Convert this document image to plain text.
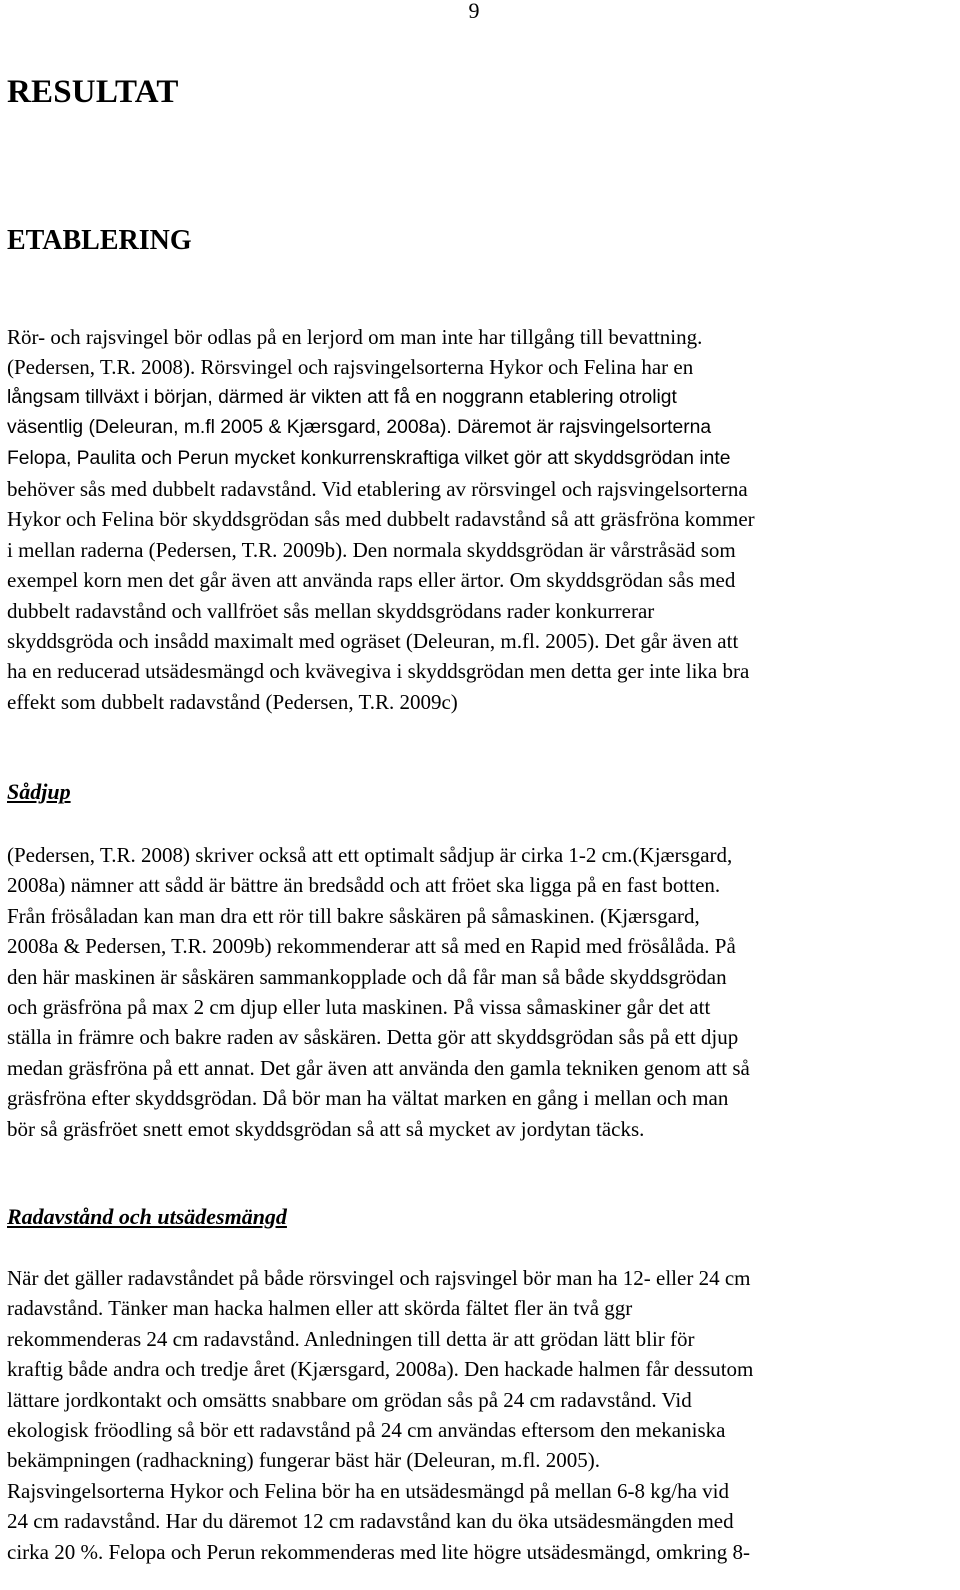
9
RESULTAT
ETABLERING
Rör- och rajsvingel bör odlas på en lerjord om man inte har tillgång till bevattning.
(Pedersen, T.R. 2008). Rörsvingel och rajsvingelsorterna Hykor och Felina har en
långsam tillväxt i början, därmed är vikten att få en noggrann etablering otroligt
väsentlig (Deleuran, m.fl 2005 & Kjærsgard, 2008a). Däremot är rajsvingelsorterna
Felopa, Paulita och Perun mycket konkurrenskraftiga vilket gör att skyddsgrödan inte
behöver sås med dubbelt radavstånd. Vid etablering av rörsvingel och rajsvingelsorterna
Hykor och Felina bör skyddsgrödan sås med dubbelt radavstånd så att gräsfröna kommer
i mellan raderna (Pedersen, T.R. 2009b). Den normala skyddsgrödan är vårstråsäd som
exempel korn men det går även att använda raps eller ärtor. Om skyddsgrödan sås med
dubbelt radavstånd och vallfröet sås mellan skyddsgrödans rader konkurrerar
skyddsgröda och insådd maximalt med ogräset (Deleuran, m.fl. 2005). Det går även att
ha en reducerad utsädesmängd och kvävegiva i skyddsgrödan men detta ger inte lika bra
effekt som dubbelt radavstånd (Pedersen, T.R. 2009c)
Sådjup
(Pedersen, T.R. 2008) skriver också att ett optimalt sådjup är cirka 1-2 cm.(Kjærsgard,
2008a) nämner att sådd är bättre än bredsådd och att fröet ska ligga på en fast botten.
Från frösåladan kan man dra ett rör till bakre såskären på såmaskinen. (Kjærsgard,
2008a & Pedersen, T.R. 2009b) rekommenderar att så med en Rapid med frösålåda. På
den här maskinen är såskären sammankopplade och då får man så både skyddsgrödan
och gräsfröna på max 2 cm djup eller luta maskinen. På vissa såmaskiner går det att
ställa in främre och bakre raden av såskären. Detta gör att skyddsgrödan sås på ett djup
medan gräsfröna på ett annat. Det går även att använda den gamla tekniken genom att så
gräsfröna efter skyddsgrödan. Då bör man ha vältat marken en gång i mellan och man
bör så gräsfröet snett emot skyddsgrödan så att så mycket av jordytan täcks.
Radavstånd och utsädesmängd
När det gäller radavståndet på både rörsvingel och rajsvingel bör man ha 12- eller 24 cm
radavstånd. Tänker man hacka halmen eller att skörda fältet fler än två ggr
rekommenderas 24 cm radavstånd. Anledningen till detta är att grödan lätt blir för
kraftig både andra och tredje året (Kjærsgard, 2008a). Den hackade halmen får dessutom
lättare jordkontakt och omsätts snabbare om grödan sås på 24 cm radavstånd. Vid
ekologisk fröodling så bör ett radavstånd på 24 cm användas eftersom den mekaniska
bekämpningen (radhackning) fungerar bäst här (Deleuran, m.fl. 2005).
Rajsvingelsorterna Hykor och Felina bör ha en utsädesmängd på mellan 6-8 kg/ha vid
24 cm radavstånd. Har du däremot 12 cm radavstånd kan du öka utsädesmängden med
cirka 20 %. Felopa och Perun rekommenderas med lite högre utsädesmängd, omkring 8-
